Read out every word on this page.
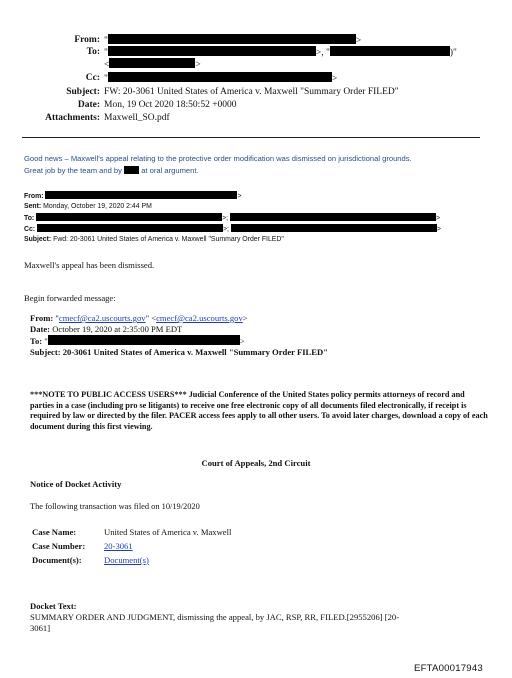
From: "	>
To: "	>, "	)"
<	>
Cc: "	>
Subject: FW: 20-3061 United States of America v. Maxwell "Summary Order FILED"
Date: Mon, 19 Oct 2020 18:50:52 +0000
Attachments: Maxwell_SO.pdf
Good news – Maxwell's appeal relating to the protective order modification was dismissed on jurisdictional grounds.
Great job by the team and by	at oral argument.
From:	>
Sent: Monday, October 19, 2020 2:44 PM
To:	>;	>
Cc:	>;	>
Subject: Fwd: 20-3061 United States of America v. Maxwell "Summary Order FILED"
Maxwell's appeal has been dismissed.
Begin forwarded message:
From: "cmecf@ca2.uscourts.gov" <cmecf@ca2.uscourts.gov>
Date: October 19, 2020 at 2:35:00 PM EDT
To: "	>
Subject: 20-3061 United States of America v. Maxwell "Summary Order FILED"
***NOTE TO PUBLIC ACCESS USERS*** Judicial Conference of the United States policy permits attorneys of record and parties in a case (including pro se litigants) to receive one free electronic copy of all documents filed electronically, if receipt is required by law or directed by the filer. PACER access fees apply to all other users. To avoid later charges, download a copy of each document during this first viewing.
Court of Appeals, 2nd Circuit
Notice of Docket Activity
The following transaction was filed on 10/19/2020
Case Name:	United States of America v. Maxwell
Case Number: 20-3061
Document(s):	Document(s)
Docket Text:
SUMMARY ORDER AND JUDGMENT, dismissing the appeal, by JAC, RSP, RR, FILED.[2955206] [20-
3061]
EFTA00017943
